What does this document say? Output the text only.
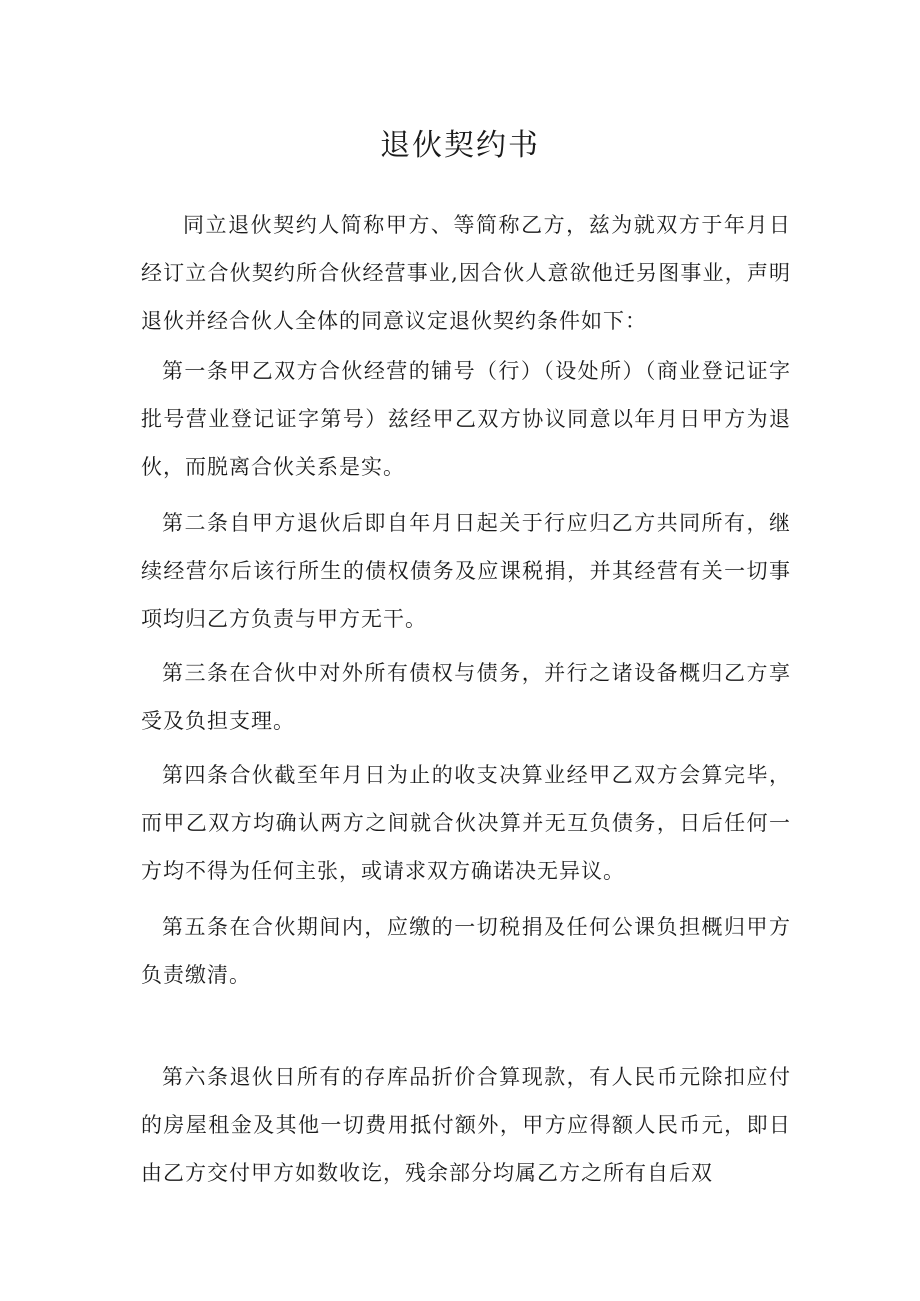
退伙契约书

同立退伙契约人简称甲方、等简称乙方，兹为就双方于年月日经订立合伙契约所合伙经营事业,因合伙人意欲他迁另图事业，声明退伙并经合伙人全体的同意议定退伙契约条件如下：

第一条甲乙双方合伙经营的铺号（行）（设处所）（商业登记证字批号营业登记证字第号）兹经甲乙双方协议同意以年月日甲方为退伙，而脱离合伙关系是实。

第二条自甲方退伙后即自年月日起关于行应归乙方共同所有，继续经营尔后该行所生的债权债务及应课税捐，并其经营有关一切事项均归乙方负责与甲方无干。

第三条在合伙中对外所有债权与债务，并行之诸设备概归乙方享受及负担支理。

第四条合伙截至年月日为止的收支决算业经甲乙双方会算完毕，而甲乙双方均确认两方之间就合伙决算并无互负债务，日后任何一方均不得为任何主张，或请求双方确诺决无异议。

第五条在合伙期间内，应缴的一切税捐及任何公课负担概归甲方负责缴清。

第六条退伙日所有的存库品折价合算现款，有人民币元除扣应付的房屋租金及其他一切费用抵付额外，甲方应得额人民币元，即日由乙方交付甲方如数收讫，残余部分均属乙方之所有自后双
